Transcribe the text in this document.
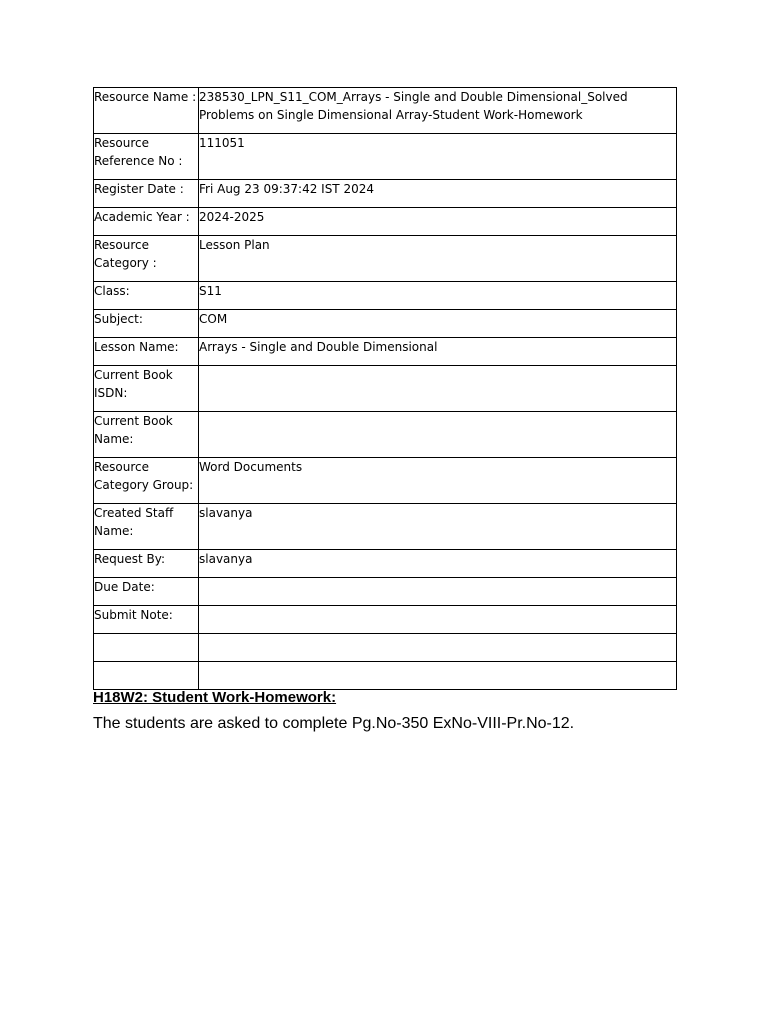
Resource Name :	238530_LPN_S11_COM_Arrays - Single and Double Dimensional_Solved Problems on Single Dimensional Array-Student Work-Homework
Resource Reference No :	111051
Register Date :	Fri Aug 23 09:37:42 IST 2024
Academic Year :	2024-2025
Resource Category :	Lesson Plan
Class:	S11
Subject:	COM
Lesson Name:	Arrays - Single and Double Dimensional
Current Book ISDN:	
Current Book Name:	
Resource Category Group:	Word Documents
Created Staff Name:	slavanya
Request By:	slavanya
Due Date:	
Submit Note:	

H18W2: Student Work-Homework:
The students are asked to complete Pg.No-350 ExNo-VIII-Pr.No-12.
